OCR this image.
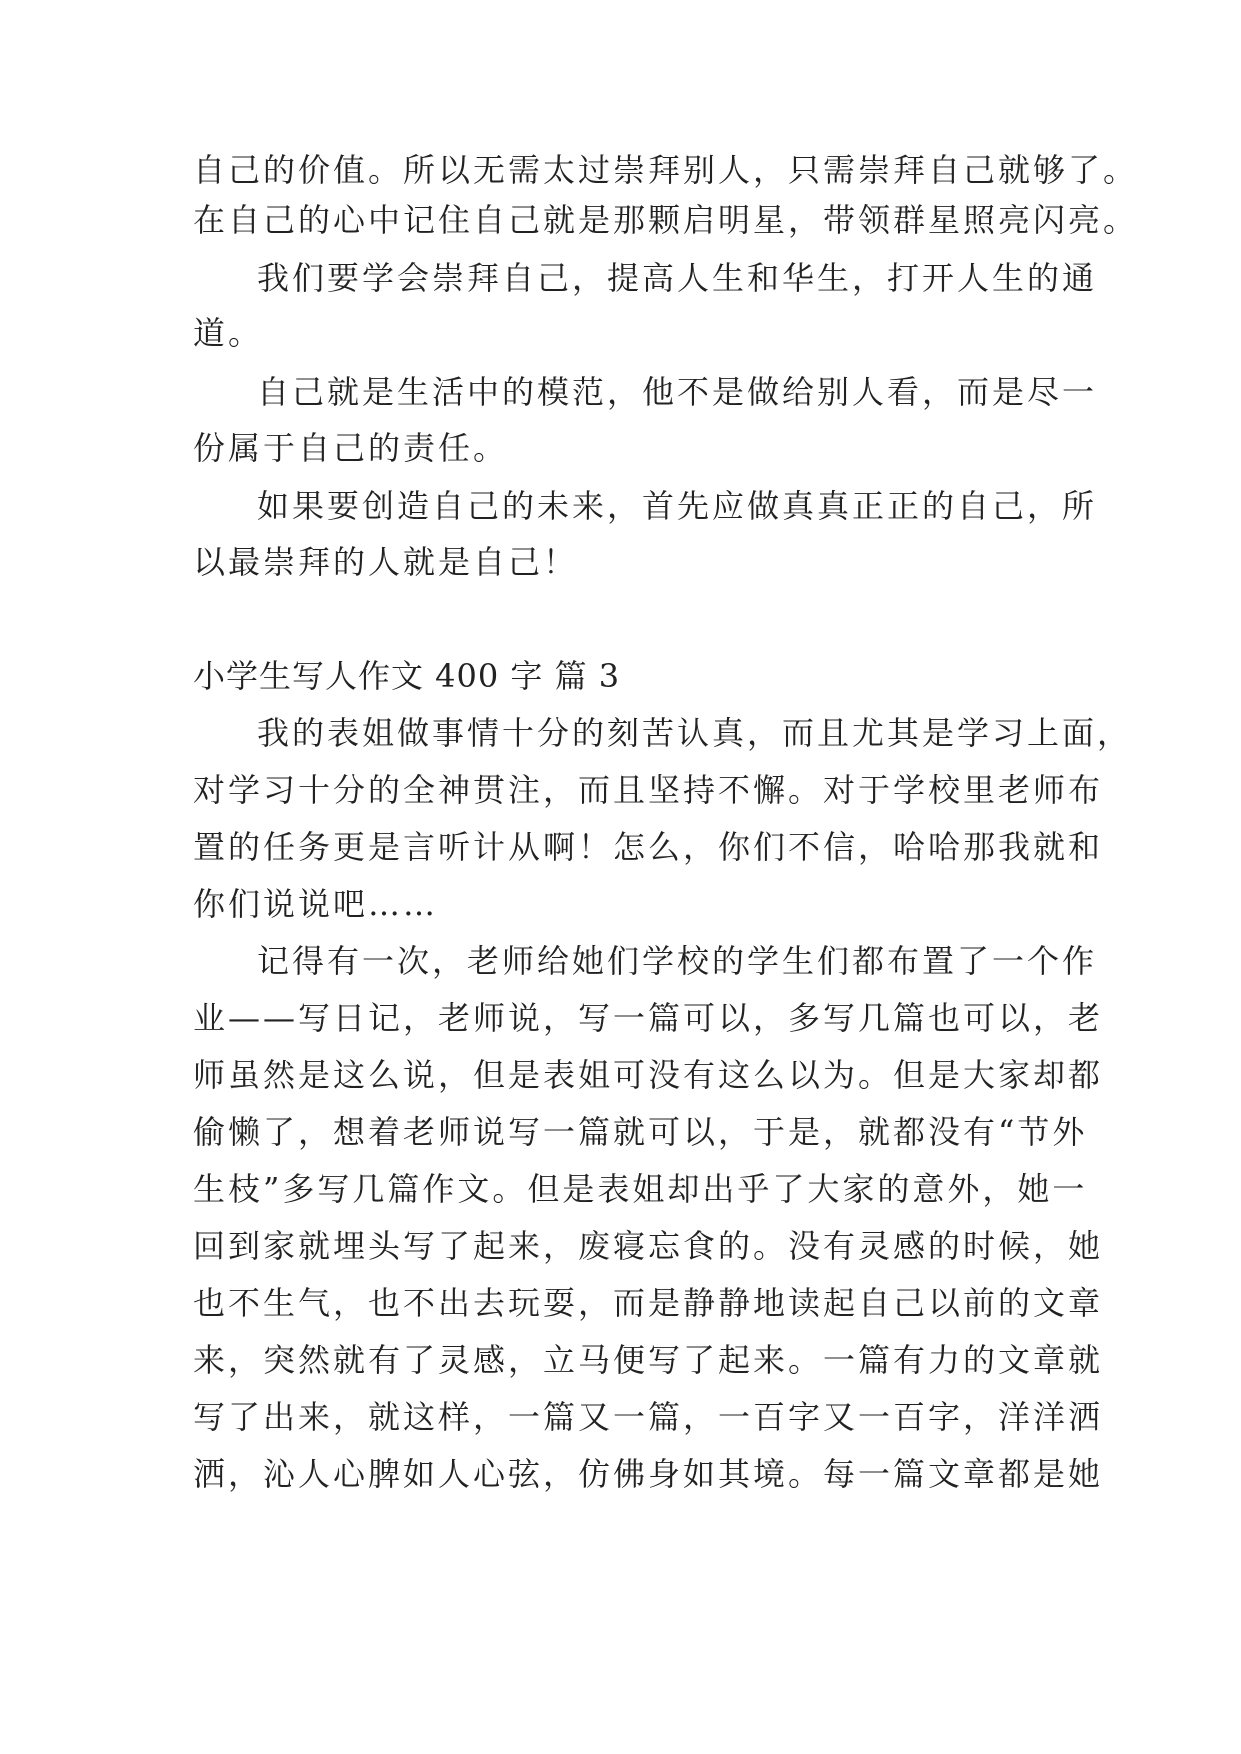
自己的价值。所以无需太过崇拜别人，只需崇拜自己就够了。
在自己的心中记住自己就是那颗启明星，带领群星照亮闪亮。
我们要学会崇拜自己，提高人生和华生，打开人生的通
道。
自己就是生活中的模范，他不是做给别人看，而是尽一
份属于自己的责任。
如果要创造自己的未来，首先应做真真正正的自己，所
以最崇拜的人就是自己！
小学生写人作文 400 字 篇 3
我的表姐做事情十分的刻苦认真，而且尤其是学习上面，
对学习十分的全神贯注，而且坚持不懈。对于学校里老师布
置的任务更是言听计从啊！怎么，你们不信，哈哈那我就和
你们说说吧……
记得有一次，老师给她们学校的学生们都布置了一个作
业——写日记，老师说，写一篇可以，多写几篇也可以，老
师虽然是这么说，但是表姐可没有这么以为。但是大家却都
偷懒了，想着老师说写一篇就可以，于是，就都没有“节外
生枝”多写几篇作文。但是表姐却出乎了大家的意外，她一
回到家就埋头写了起来，废寝忘食的。没有灵感的时候，她
也不生气，也不出去玩耍，而是静静地读起自己以前的文章
来，突然就有了灵感，立马便写了起来。一篇有力的文章就
写了出来，就这样，一篇又一篇，一百字又一百字，洋洋洒
洒，沁人心脾如人心弦，仿佛身如其境。每一篇文章都是她
